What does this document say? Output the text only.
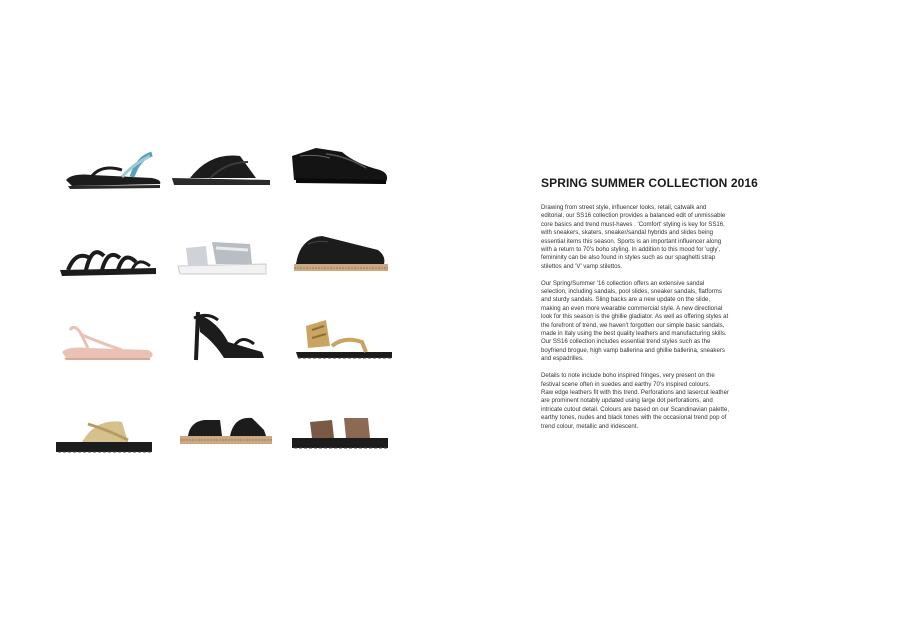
SPRING SUMMER COLLECTION 2016
Drawing from street style, influencer looks, retail, catwalk and
editorial, our SS16 collection provides a balanced edit of unmissable
core basics and trend must-haves . 'Comfort' styling is key for SS16,
with sneakers, skaters, sneaker/sandal hybrids and slides being
essential items this season. Sports is an important influencer along
with a return to 70's boho styling. In addition to this mood for 'ugly',
femininity can be also found in styles such as our spaghetti strap
stilettos and 'V' vamp stilettos.
Our Spring/Summer '16 collection offers an extensive sandal
selection, including sandals, pool slides, sneaker sandals, flatforms
and sturdy sandals. Sling backs are a new update on the slide,
making an even more wearable commercial style. A new directional
look for this season is the ghillie gladiator. As well as offering styles at
the forefront of trend, we haven't forgotten our simple basic sandals,
made in Italy using the best quality leathers and manufacturing skills.
Our SS16 collection includes essential trend styles such as the
boyfriend brogue, high vamp ballerina and ghillie ballerina, sneakers
and espadrilles.
Details to note include boho inspired fringes, very present on the
festival scene often in suedes and earthy 70's inspired colours.
Raw edge leathers fit with this trend. Perforations and lasercut leather
are prominent notably updated using large dot perforations, and
intricate cutout detail. Colours are based on our Scandinavian palette,
earthy tones, nudes and black tones with the occasional trend pop of
trend colour, metallic and iridescent.
